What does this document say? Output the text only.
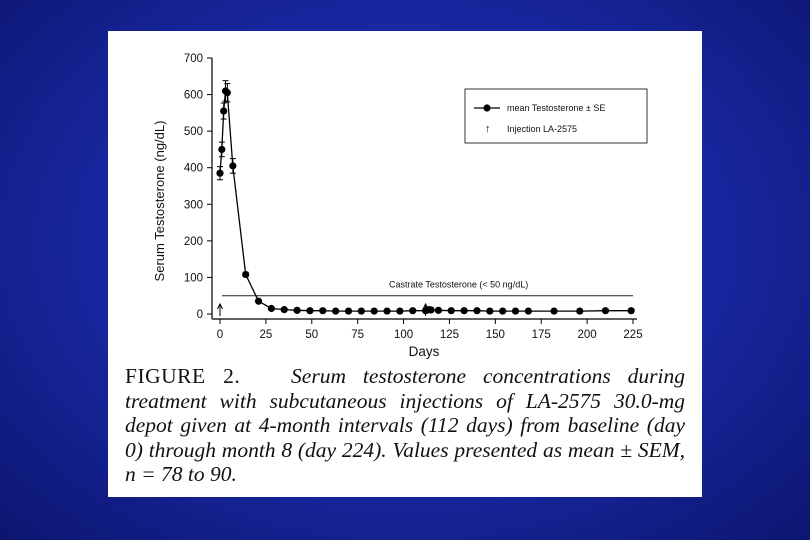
0
100
200
300
400
500
600
700
0	25	50	75	100 125 150 175 200 225
Castrate Testosterone (< 50 ng/dL)
Serum Testosterone (ng/dL)
Days
mean Testosterone ± SE
↑ Injection LA-2575
FIGURE 2. Serum testosterone concentrations during treatment with subcutaneous injections of LA-2575 30.0-mg depot given at 4-month intervals (112 days) from baseline (day 0) through month 8 (day 224). Values presented as mean ± SEM, n = 78 to 90.
